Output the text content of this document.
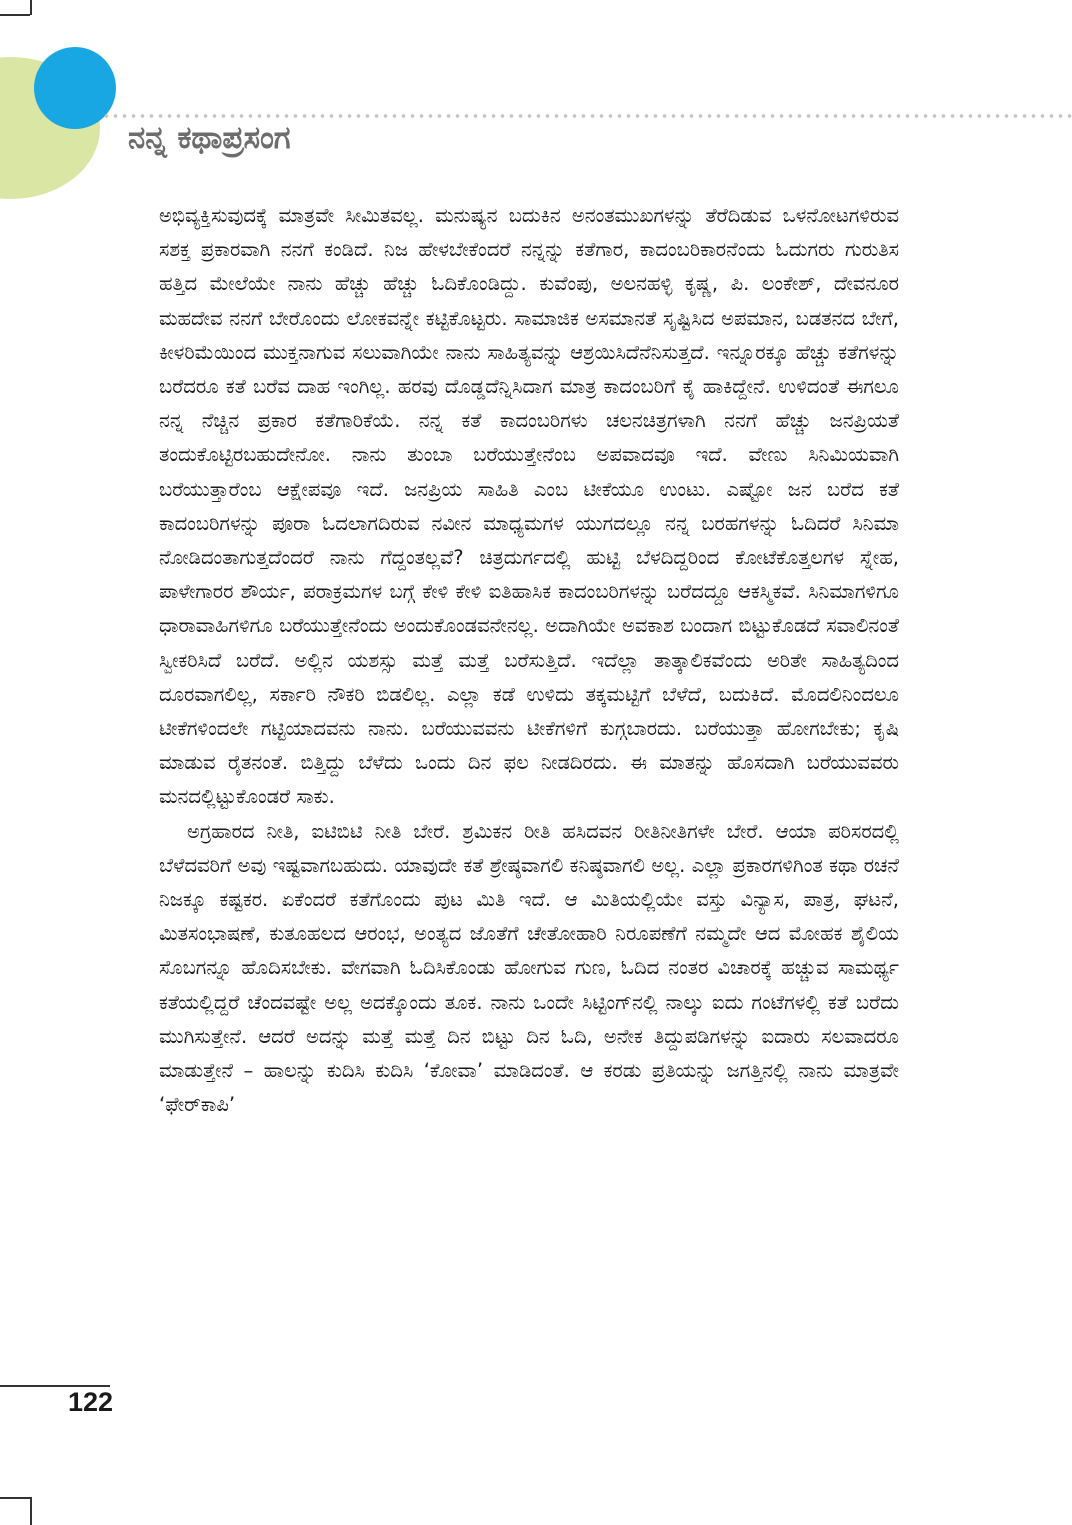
ನನ್ನ ಕಥಾಪ್ರಸಂಗ

ಅಭಿವ್ಯಕ್ತಿಸುವುದಕ್ಕೆ ಮಾತ್ರವೇ ಸೀಮಿತವಲ್ಲ. ಮನುಷ್ಯನ ಬದುಕಿನ ಅನಂತಮುಖಗಳನ್ನು ತೆರೆದಿಡುವ ಒಳನೋಟಗಳಿರುವ ಸಶಕ್ತ ಪ್ರಕಾರವಾಗಿ ನನಗೆ ಕಂಡಿದೆ. ನಿಜ ಹೇಳಬೇಕೆಂದರೆ ನನ್ನನ್ನು ಕತೆಗಾರ, ಕಾದಂಬರಿಕಾರನೆಂದು ಓದುಗರು ಗುರುತಿಸ ಹತ್ತಿದ ಮೇಲೆಯೇ ನಾನು ಹೆಚ್ಚು ಹೆಚ್ಚು ಓದಿಕೊಂಡಿದ್ದು. ಕುವೆಂಪು, ಅಲನಹಳ್ಳಿ ಕೃಷ್ಣ, ಪಿ. ಲಂಕೇಶ್, ದೇವನೂರ ಮಹದೇವ ನನಗೆ ಬೇರೊಂದು ಲೋಕವನ್ನೇ ಕಟ್ಟಿಕೊಟ್ಟರು. ಸಾಮಾಜಿಕ ಅಸಮಾನತೆ ಸೃಷ್ಟಿಸಿದ ಅಪಮಾನ, ಬಡತನದ ಬೇಗೆ, ಕೀಳರಿಮೆಯಿಂದ ಮುಕ್ತನಾಗುವ ಸಲುವಾಗಿಯೇ ನಾನು ಸಾಹಿತ್ಯವನ್ನು ಆಶ್ರಯಿಸಿದೆನೆನಿಸುತ್ತದೆ. ಇನ್ನೂರಕ್ಕೂ ಹೆಚ್ಚು ಕತೆಗಳನ್ನು ಬರೆದರೂ ಕತೆ ಬರೆವ ದಾಹ ಇಂಗಿಲ್ಲ. ಹರವು ದೊಡ್ಡದೆನ್ನಿಸಿದಾಗ ಮಾತ್ರ ಕಾದಂಬರಿಗೆ ಕೈ ಹಾಕಿದ್ದೇನೆ. ಉಳಿದಂತೆ ಈಗಲೂ ನನ್ನ ನೆಚ್ಚಿನ ಪ್ರಕಾರ ಕತೆಗಾರಿಕೆಯೆ. ನನ್ನ ಕತೆ ಕಾದಂಬರಿಗಳು ಚಲನಚಿತ್ರಗಳಾಗಿ ನನಗೆ ಹೆಚ್ಚು ಜನಪ್ರಿಯತೆ ತಂದುಕೊಟ್ಟಿರಬಹುದೇನೋ. ನಾನು ತುಂಬಾ ಬರೆಯುತ್ತೇನೆಂಬ ಅಪವಾದವೂ ಇದೆ. ವೇಣು ಸಿನಿಮಿಯವಾಗಿ ಬರೆಯುತ್ತಾರೆಂಬ ಆಕ್ಷೇಪವೂ ಇದೆ. ಜನಪ್ರಿಯ ಸಾಹಿತಿ ಎಂಬ ಟೀಕೆಯೂ ಉಂಟು. ಎಷ್ಟೋ ಜನ ಬರೆದ ಕತೆ ಕಾದಂಬರಿಗಳನ್ನು ಪೂರಾ ಓದಲಾಗದಿರುವ ನವೀನ ಮಾಧ್ಯಮಗಳ ಯುಗದಲ್ಲೂ ನನ್ನ ಬರಹಗಳನ್ನು ಓದಿದರೆ ಸಿನಿಮಾ ನೋಡಿದಂತಾಗುತ್ತದೆಂದರೆ ನಾನು ಗೆದ್ದಂತಲ್ಲವೆ? ಚಿತ್ರದುರ್ಗದಲ್ಲಿ ಹುಟ್ಟಿ ಬೆಳದಿದ್ದರಿಂದ ಕೋಟೆಕೊತ್ತಲಗಳ ಸ್ನೇಹ, ಪಾಳೇಗಾರರ ಶೌರ್ಯ, ಪರಾಕ್ರಮಗಳ ಬಗ್ಗೆ ಕೇಳಿ ಕೇಳಿ ಐತಿಹಾಸಿಕ ಕಾದಂಬರಿಗಳನ್ನು ಬರೆದದ್ದೂ ಆಕಸ್ಮಿಕವೆ. ಸಿನಿಮಾಗಳಿಗೂ ಧಾರಾವಾಹಿಗಳಿಗೂ ಬರೆಯುತ್ತೇನೆಂದು ಅಂದುಕೊಂಡವನೇನಲ್ಲ. ಅದಾಗಿಯೇ ಅವಕಾಶ ಬಂದಾಗ ಬಿಟ್ಟುಕೊಡದೆ ಸವಾಲಿನಂತೆ ಸ್ವೀಕರಿಸಿದೆ ಬರೆದೆ. ಅಲ್ಲಿನ ಯಶಸ್ಸು ಮತ್ತೆ ಮತ್ತೆ ಬರೆಸುತ್ತಿದೆ. ಇದೆಲ್ಲಾ ತಾತ್ಕಾಲಿಕವೆಂದು ಅರಿತೇ ಸಾಹಿತ್ಯದಿಂದ ದೂರವಾಗಲಿಲ್ಲ, ಸರ್ಕಾರಿ ನೌಕರಿ ಬಿಡಲಿಲ್ಲ. ಎಲ್ಲಾ ಕಡೆ ಉಳಿದು ತಕ್ಕಮಟ್ಟಿಗೆ ಬೆಳೆದೆ, ಬದುಕಿದೆ. ಮೊದಲಿನಿಂದಲೂ ಟೀಕೆಗಳಿಂದಲೇ ಗಟ್ಟಿಯಾದವನು ನಾನು. ಬರೆಯುವವನು ಟೀಕೆಗಳಿಗೆ ಕುಗ್ಗಬಾರದು. ಬರೆಯುತ್ತಾ ಹೋಗಬೇಕು; ಕೃಷಿ ಮಾಡುವ ರೈತನಂತೆ. ಬಿತ್ತಿದ್ದು ಬೆಳೆದು ಒಂದು ದಿನ ಫಲ ನೀಡದಿರದು. ಈ ಮಾತನ್ನು ಹೊಸದಾಗಿ ಬರೆಯುವವರು ಮನದಲ್ಲಿಟ್ಟುಕೊಂಡರೆ ಸಾಕು.

ಅಗ್ರಹಾರದ ನೀತಿ, ಐಟಿಬಿಟಿ ನೀತಿ ಬೇರೆ. ಶ್ರಮಿಕನ ರೀತಿ ಹಸಿದವನ ರೀತಿನೀತಿಗಳೇ ಬೇರೆ. ಆಯಾ ಪರಿಸರದಲ್ಲಿ ಬೆಳೆದವರಿಗೆ ಅವು ಇಷ್ಟವಾಗಬಹುದು. ಯಾವುದೇ ಕತೆ ಶ್ರೇಷ್ಠವಾಗಲಿ ಕನಿಷ್ಠವಾಗಲಿ ಅಲ್ಲ. ಎಲ್ಲಾ ಪ್ರಕಾರಗಳಿಗಿಂತ ಕಥಾ ರಚನೆ ನಿಜಕ್ಕೂ ಕಷ್ಟಕರ. ಏಕೆಂದರೆ ಕತೆಗೊಂದು ಪುಟ ಮಿತಿ ಇದೆ. ಆ ಮಿತಿಯಲ್ಲಿಯೇ ವಸ್ತು ವಿನ್ಯಾಸ, ಪಾತ್ರ, ಘಟನೆ, ಮಿತಸಂಭಾಷಣೆ, ಕುತೂಹಲದ ಆರಂಭ, ಅಂತ್ಯದ ಜೊತೆಗೆ ಚೇತೋಹಾರಿ ನಿರೂಪಣೆಗೆ ನಮ್ಮದೇ ಆದ ಮೋಹಕ ಶೈಲಿಯ ಸೊಬಗನ್ನೂ ಹೊದಿಸಬೇಕು. ವೇಗವಾಗಿ ಓದಿಸಿಕೊಂಡು ಹೋಗುವ ಗುಣ, ಓದಿದ ನಂತರ ವಿಚಾರಕ್ಕೆ ಹಚ್ಚುವ ಸಾಮರ್ಥ್ಯ ಕತೆಯಲ್ಲಿದ್ದರೆ ಚೆಂದವಷ್ಟೇ ಅಲ್ಲ ಅದಕ್ಕೊಂದು ತೂಕ. ನಾನು ಒಂದೇ ಸಿಟ್ಟಿಂಗ್‌ನಲ್ಲಿ ನಾಲ್ಕು ಐದು ಗಂಟೆಗಳಲ್ಲಿ ಕತೆ ಬರೆದು ಮುಗಿಸುತ್ತೇನೆ. ಆದರೆ ಅದನ್ನು ಮತ್ತೆ ಮತ್ತೆ ದಿನ ಬಿಟ್ಟು ದಿನ ಓದಿ, ಅನೇಕ ತಿದ್ದುಪಡಿಗಳನ್ನು ಐದಾರು ಸಲವಾದರೂ ಮಾಡುತ್ತೇನೆ – ಹಾಲನ್ನು ಕುದಿಸಿ ಕುದಿಸಿ ‘ಕೋವಾ’ ಮಾಡಿದಂತೆ. ಆ ಕರಡು ಪ್ರತಿಯನ್ನು ಜಗತ್ತಿನಲ್ಲಿ ನಾನು ಮಾತ್ರವೇ ‘ಫೇರ್‌ಕಾಪಿ’

122
